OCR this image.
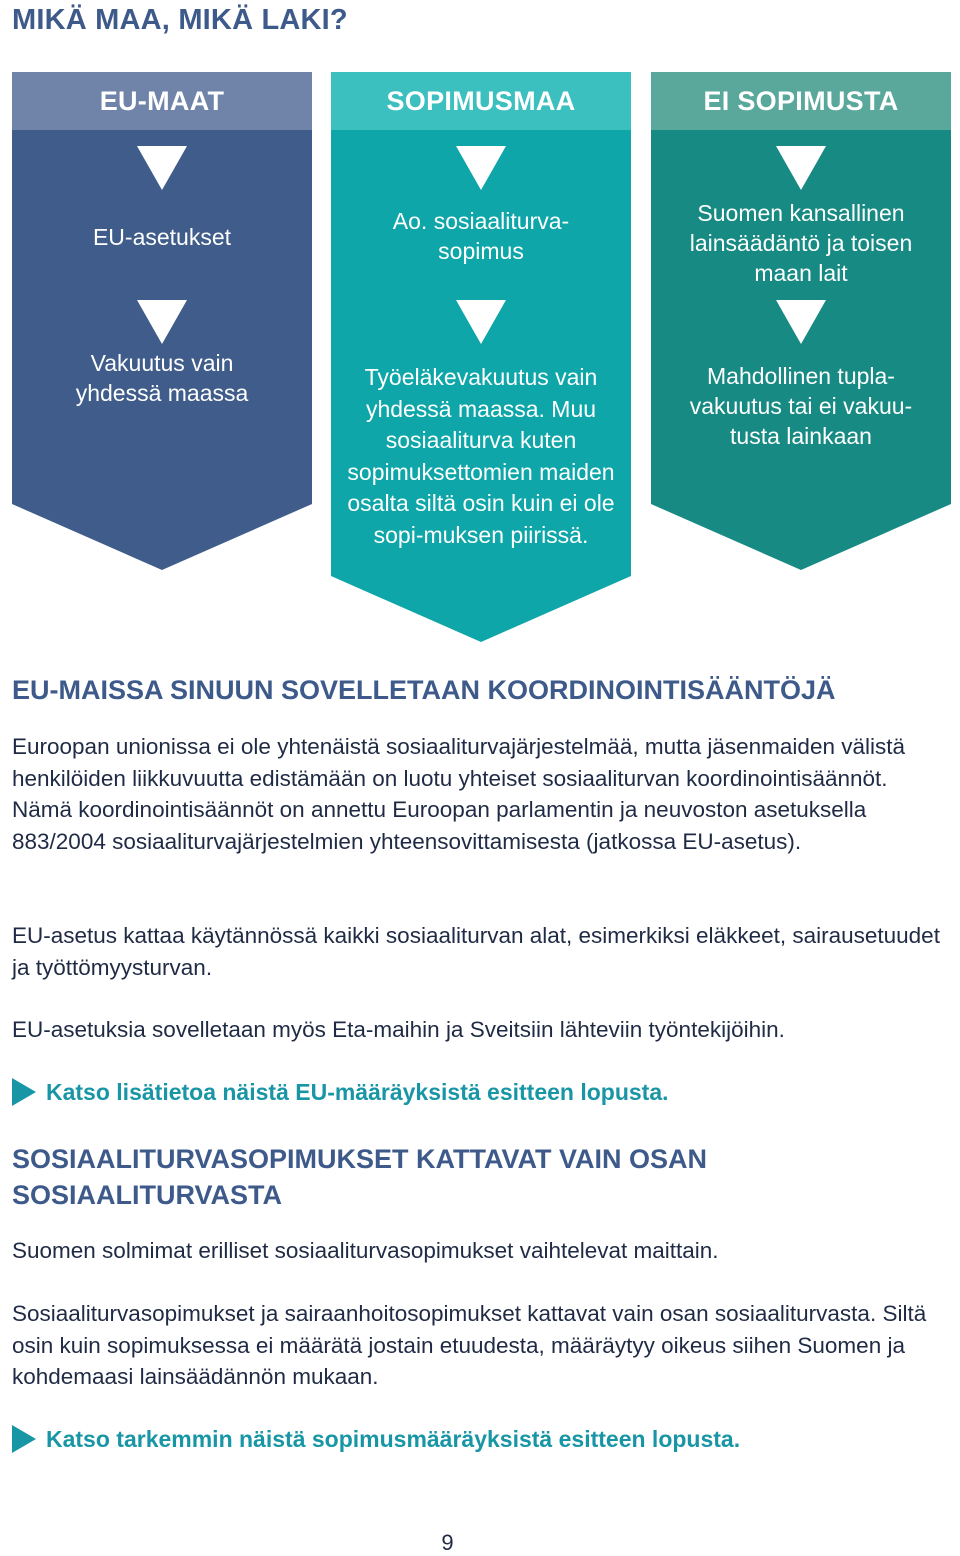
MIKÄ MAA, MIKÄ LAKI?
EU-MAAT
EU-asetukset
Vakuutus vain yhdessä maassa
SOPIMUSMAA
Ao. sosiaaliturva-sopimus
Työeläkevakuutus vain yhdessä maassa. Muu sosiaaliturva kuten sopimuksettomien maiden osalta siltä osin kuin ei ole sopi-muksen piirissä.
EI SOPIMUSTA
Suomen kansallinen lainsäädäntö ja toisen maan lait
Mahdollinen tupla-vakuutus tai ei vakuu-tusta lainkaan
EU-MAISSA SINUUN SOVELLETAAN KOORDINOINTISÄÄNTÖJÄ
Euroopan unionissa ei ole yhtenäistä sosiaaliturvajärjestelmää, mutta jäsenmaiden välistä henkilöiden liikkuvuutta edistämään on luotu yhteiset sosiaaliturvan koordinointisäännöt. Nämä koordinointisäännöt on annettu Euroopan parlamentin ja neuvoston asetuksella 883/2004 sosiaaliturvajärjestelmien yhteensovittamisesta (jatkossa EU-asetus).
EU-asetus kattaa käytännössä kaikki sosiaaliturvan alat, esimerkiksi eläkkeet, sairausetuudet ja työttömyysturvan.
EU-asetuksia sovelletaan myös Eta-maihin ja Sveitsiin lähteviin työntekijöihin.
Katso lisätietoa näistä EU-määräyksistä esitteen lopusta.
SOSIAALITURVASOPIMUKSET KATTAVAT VAIN OSAN
SOSIAALITURVASTA
Suomen solmimat erilliset sosiaaliturvasopimukset vaihtelevat maittain.
Sosiaaliturvasopimukset ja sairaanhoitosopimukset kattavat vain osan sosiaaliturvasta. Siltä osin kuin sopimuksessa ei määrätä jostain etuudesta, määräytyy oikeus siihen Suomen ja kohdemaasi lainsäädännön mukaan.
Katso tarkemmin näistä sopimusmääräyksistä esitteen lopusta.
9
